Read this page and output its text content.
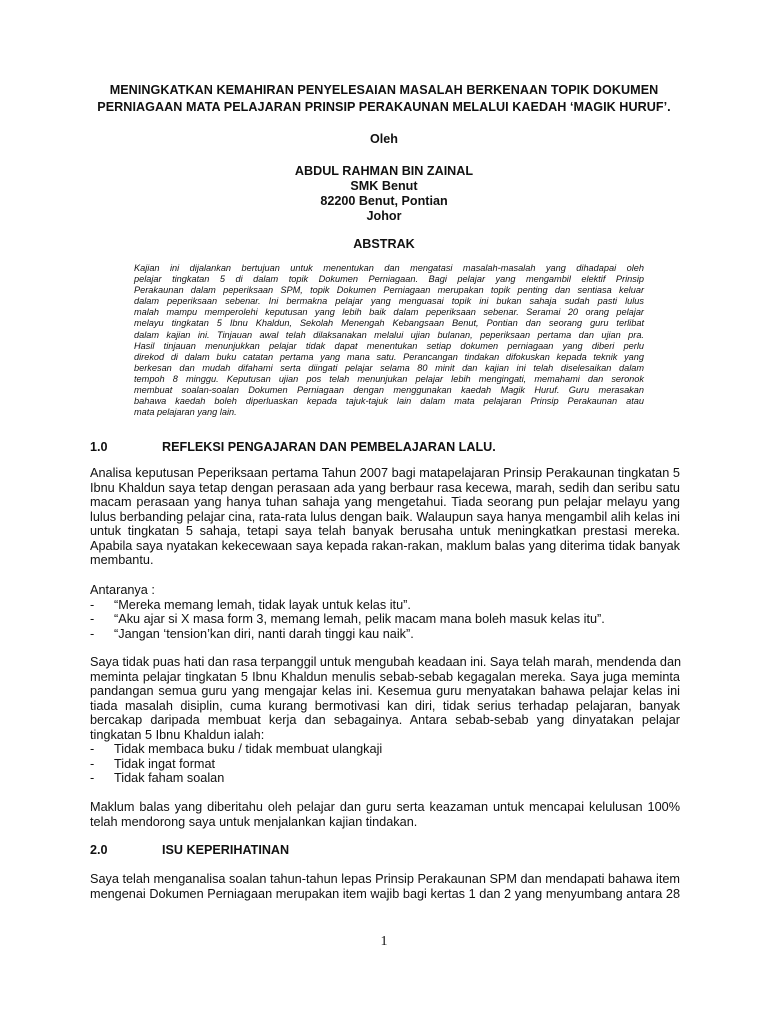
MENINGKATKAN KEMAHIRAN PENYELESAIAN MASALAH BERKENAAN TOPIK DOKUMEN
PERNIAGAAN MATA PELAJARAN PRINSIP PERAKAUNAN MELALUI KAEDAH ‘MAGIK HURUF’.
Oleh
ABDUL RAHMAN BIN ZAINAL
SMK Benut
82200 Benut, Pontian
Johor
ABSTRAK
Kajian ini dijalankan bertujuan untuk menentukan dan mengatasi masalah-masalah yang dihadapai oleh
pelajar tingkatan 5 di dalam topik Dokumen Perniagaan. Bagi pelajar yang mengambil elektif Prinsip
Perakaunan dalam peperiksaan SPM, topik Dokumen Perniagaan merupakan topik penting dan sentiasa keluar
dalam peperiksaan sebenar. Ini bermakna pelajar yang menguasai topik ini bukan sahaja sudah pasti lulus
malah mampu memperolehi keputusan yang lebih baik dalam peperiksaan sebenar. Seramai 20 orang pelajar
melayu tingkatan 5 Ibnu Khaldun, Sekolah Menengah Kebangsaan Benut, Pontian dan seorang guru terlibat
dalam kajian ini. Tinjauan awal telah dilaksanakan melalui ujian bulanan, peperiksaan pertama dan ujian pra.
Hasil tinjauan menunjukkan pelajar tidak dapat menentukan setiap dokumen perniagaan yang diberi perlu
direkod di dalam buku catatan pertama yang mana satu. Perancangan tindakan difokuskan kepada teknik yang
berkesan dan mudah difahami serta diingati pelajar selama 80 minit dan kajian ini telah diselesaikan dalam
tempoh 8 minggu. Keputusan ujian pos telah menunjukan pelajar lebih mengingati, memahami dan seronok
membuat soalan-soalan Dokumen Perniagaan dengan menggunakan kaedah Magik Huruf. Guru merasakan
bahawa kaedah boleh diperluaskan kepada tajuk-tajuk lain dalam mata pelajaran Prinsip Perakaunan atau
mata pelajaran yang lain.
1.0	REFLEKSI PENGAJARAN DAN PEMBELAJARAN LALU.
Analisa keputusan Peperiksaan pertama Tahun 2007 bagi matapelajaran Prinsip Perakaunan tingkatan 5
Ibnu Khaldun saya tetap dengan perasaan ada yang berbaur rasa kecewa, marah, sedih dan seribu satu
macam perasaan yang hanya tuhan sahaja yang mengetahui. Tiada seorang pun pelajar melayu yang
lulus berbanding pelajar cina, rata-rata lulus dengan baik. Walaupun saya hanya mengambil alih kelas ini
untuk tingkatan 5 sahaja, tetapi saya telah banyak berusaha untuk meningkatkan prestasi mereka.
Apabila saya nyatakan kekecewaan saya kepada rakan-rakan, maklum balas yang diterima tidak banyak
membantu.
Antaranya :
- “Mereka memang lemah, tidak layak untuk kelas itu”.
- “Aku ajar si X masa form 3, memang lemah, pelik macam mana boleh masuk kelas itu”.
- “Jangan ‘tension’kan diri, nanti darah tinggi kau naik”.
Saya tidak puas hati dan rasa terpanggil untuk mengubah keadaan ini. Saya telah marah, mendenda dan
meminta pelajar tingkatan 5 Ibnu Khaldun menulis sebab-sebab kegagalan mereka. Saya juga meminta
pandangan semua guru yang mengajar kelas ini. Kesemua guru menyatakan bahawa pelajar kelas ini
tiada masalah disiplin, cuma kurang bermotivasi kan diri, tidak serius terhadap pelajaran, banyak
bercakap daripada membuat kerja dan sebagainya. Antara sebab-sebab yang dinyatakan pelajar
tingkatan 5 Ibnu Khaldun ialah:
- Tidak membaca buku / tidak membuat ulangkaji
- Tidak ingat format
- Tidak faham soalan
Maklum balas yang diberitahu oleh pelajar dan guru serta keazaman untuk mencapai kelulusan 100%
telah mendorong saya untuk menjalankan kajian tindakan.
2.0	ISU KEPERIHATINAN
Saya telah menganalisa soalan tahun-tahun lepas Prinsip Perakaunan SPM dan mendapati bahawa item
mengenai Dokumen Perniagaan merupakan item wajib bagi kertas 1 dan 2 yang menyumbang antara 28
1
